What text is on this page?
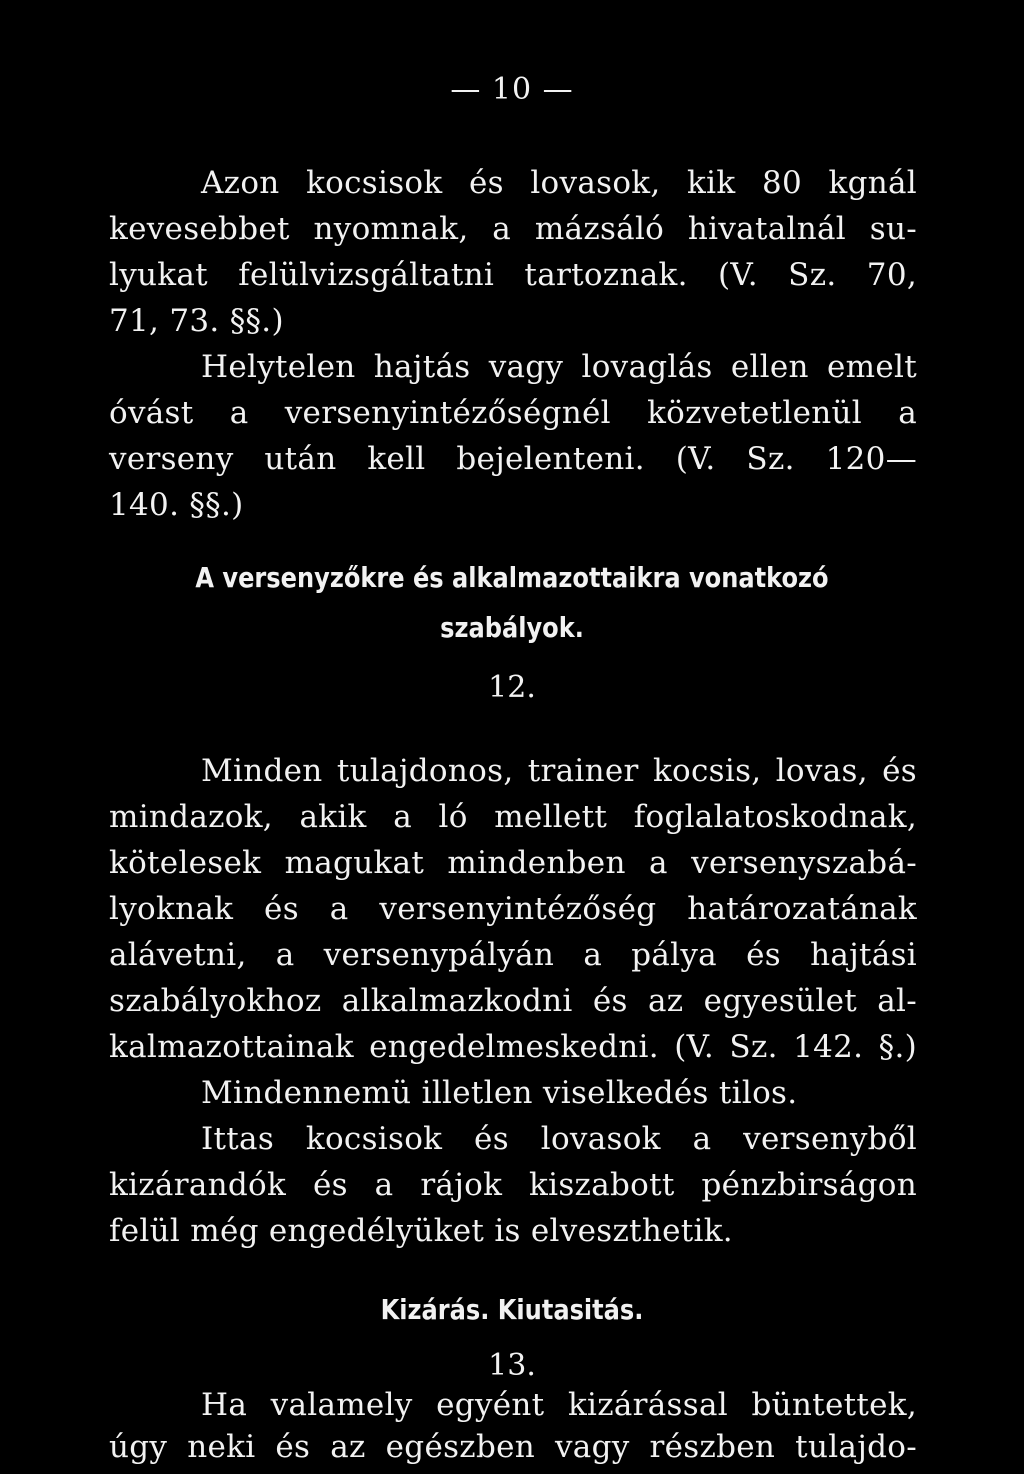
— 10 —
Azon kocsisok és lovasok, kik 80 kgnál
kevesebbet nyomnak, a mázsáló hivatalnál su-
lyukat felülvizsgáltatni tartoznak. (V. Sz. 70,
71, 73. §§.)
Helytelen hajtás vagy lovaglás ellen emelt
óvást a versenyintézőségnél közvetetlenül a
verseny után kell bejelenteni. (V. Sz. 120—
140. §§.)
A versenyzőkre és alkalmazottaikra vonatkozó
szabályok.
12.
Minden tulajdonos, trainer kocsis, lovas, és
mindazok, akik a ló mellett foglalatoskodnak,
kötelesek magukat mindenben a versenyszabá-
lyoknak és a versenyintézőség határozatának
alávetni, a versenypályán a pálya és hajtási
szabályokhoz alkalmazkodni és az egyesület al-
kalmazottainak engedelmeskedni. (V. Sz. 142. §.)
Mindennemü illetlen viselkedés tilos.
Ittas kocsisok és lovasok a versenyből
kizárandók és a rájok kiszabott pénzbirságon
felül még engedélyüket is elveszthetik.
Kizárás. Kiutasitás.
13.
Ha valamely egyént kizárással büntettek,
úgy neki és az egészben vagy részben tulajdo-
